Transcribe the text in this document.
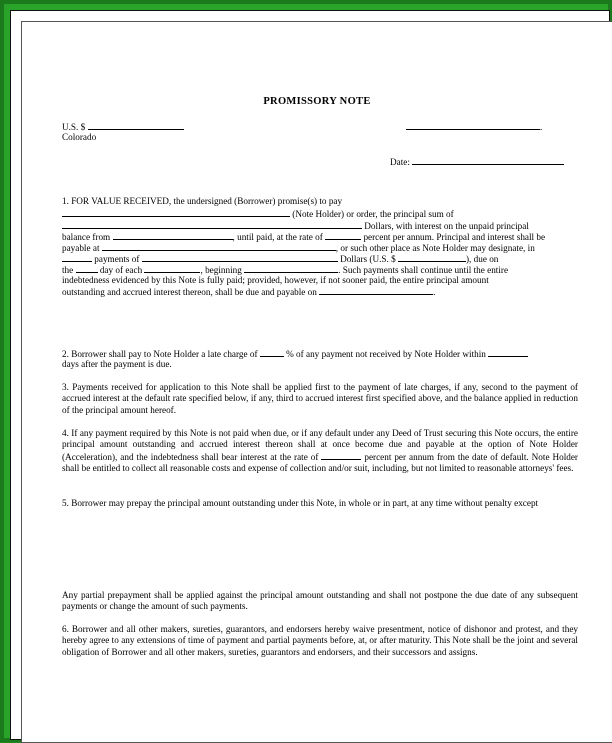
PROMISSORY NOTE
U.S. $
Colorado
.
Date:
1. FOR VALUE RECEIVED, the undersigned (Borrower) promise(s) to pay
(Note Holder) or order, the principal sum of
Dollars, with interest on the unpaid principal
balance from	, until paid, at the rate of	percent per annum. Principal and interest shall be
payable at	, or such other place as Note Holder may designate, in
payments of	Dollars (U.S. $	), due on
the	day of each	, beginning	. Such payments shall continue until the entire
indebtedness evidenced by this Note is fully paid; provided, however, if not sooner paid, the entire principal amount
outstanding and accrued interest thereon, shall be due and payable on	.
2. Borrower shall pay to Note Holder a late charge of	% of any payment not received by Note Holder within
days after the payment is due.
3. Payments received for application to this Note shall be applied first to the payment of late charges, if any, second to the payment of accrued interest at the default rate specified below, if any, third to accrued interest first specified above, and the balance applied in reduction of the principal amount hereof.
4. If any payment required by this Note is not paid when due, or if any default under any Deed of Trust securing this Note occurs, the entire principal amount outstanding and accrued interest thereon shall at once become due and payable at the option of Note Holder (Acceleration), and the indebtedness shall bear interest at the rate of	percent per annum from the date of default. Note Holder shall be entitled to collect all reasonable costs and expense of collection and/or suit, including, but not limited to reasonable attorneys' fees.
5. Borrower may prepay the principal amount outstanding under this Note, in whole or in part, at any time without penalty except
Any partial prepayment shall be applied against the principal amount outstanding and shall not postpone the due date of any subsequent payments or change the amount of such payments.
6. Borrower and all other makers, sureties, guarantors, and endorsers hereby waive presentment, notice of dishonor and protest, and they hereby agree to any extensions of time of payment and partial payments before, at, or after maturity. This Note shall be the joint and several obligation of Borrower and all other makers, sureties, guarantors and endorsers, and their successors and assigns.
